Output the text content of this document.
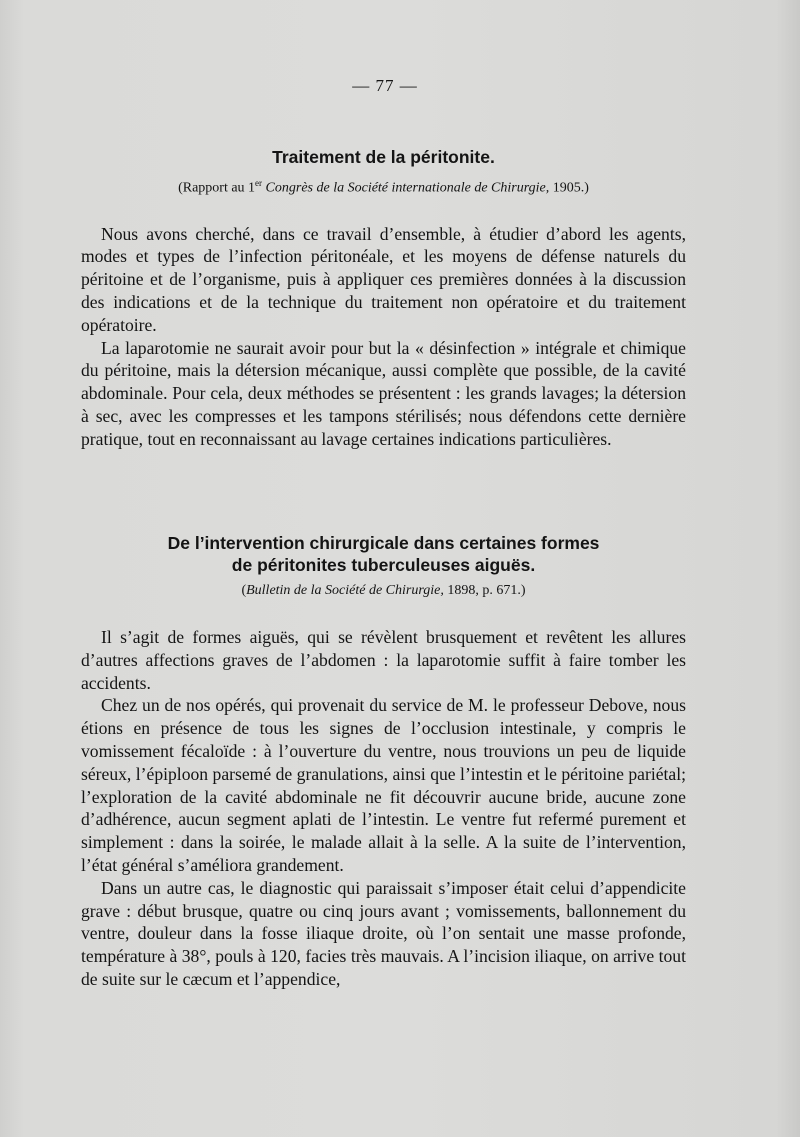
— 77 —
Traitement de la péritonite.
(Rapport au 1er Congrès de la Société internationale de Chirurgie, 1905.)

Nous avons cherché, dans ce travail d’ensemble, à étudier d’abord les agents, modes et types de l’infection péritonéale, et les moyens de défense naturels du péritoine et de l’organisme, puis à appliquer ces premières données à la discussion des indications et de la technique du traitement non opératoire et du traitement opératoire.

La laparotomie ne saurait avoir pour but la « désinfection » intégrale et chimique du péritoine, mais la détersion mécanique, aussi complète que possible, de la cavité abdominale. Pour cela, deux méthodes se présentent : les grands lavages; la détersion à sec, avec les compresses et les tampons stérilisés; nous défendons cette dernière pratique, tout en reconnaissant au lavage certaines indications particulières.

De l’intervention chirurgicale dans certaines formes
de péritonites tuberculeuses aiguës.
(Bulletin de la Société de Chirurgie, 1898, p. 671.)

Il s’agit de formes aiguës, qui se révèlent brusquement et revêtent les allures d’autres affections graves de l’abdomen : la laparotomie suffit à faire tomber les accidents.

Chez un de nos opérés, qui provenait du service de M. le professeur Debove, nous étions en présence de tous les signes de l’occlusion intestinale, y compris le vomissement fécaloïde : à l’ouverture du ventre, nous trouvions un peu de liquide séreux, l’épiploon parsemé de granulations, ainsi que l’intestin et le péritoine pariétal; l’exploration de la cavité abdominale ne fit découvrir aucune bride, aucune zone d’adhérence, aucun segment aplati de l’intestin. Le ventre fut refermé purement et simplement : dans la soirée, le malade allait à la selle. A la suite de l’intervention, l’état général s’améliora grandement.

Dans un autre cas, le diagnostic qui paraissait s’imposer était celui d’appendicite grave : début brusque, quatre ou cinq jours avant ; vomissements, ballonnement du ventre, douleur dans la fosse iliaque droite, où l’on sentait une masse profonde, température à 38°, pouls à 120, facies très mauvais. A l’incision iliaque, on arrive tout de suite sur le cæcum et l’appendice,
